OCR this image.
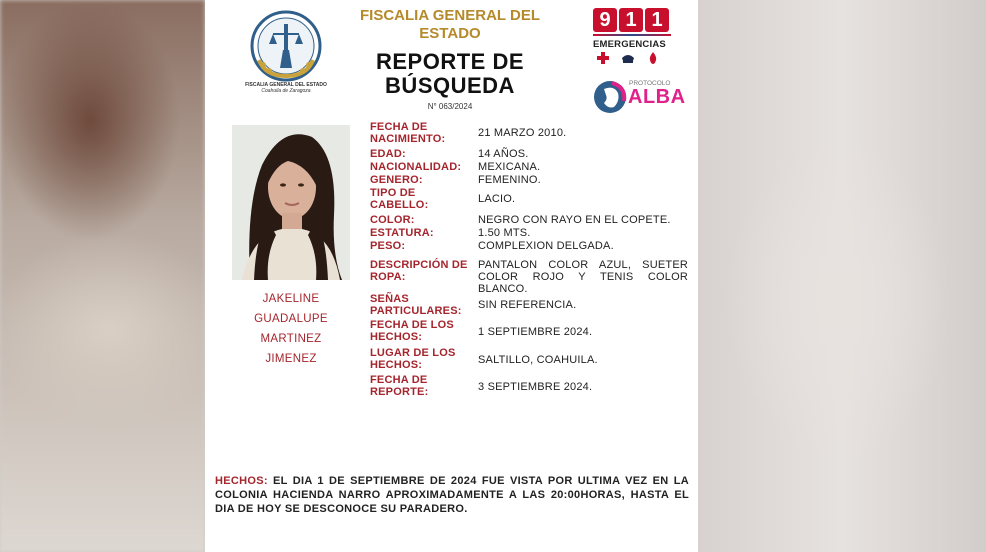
FISCALIA GENERAL DEL ESTADO
Coahuila de Zaragoza
FISCALIA GENERAL DEL
ESTADO
REPORTE DE
BÚSQUEDA
N° 063/2024
9 1 1
EMERGENCIAS
PROTOCOLO
ALBA
JAKELINE
GUADALUPE
MARTINEZ
JIMENEZ
FECHA DE
NACIMIENTO:	21 MARZO 2010.
EDAD:	14 AÑOS.
NACIONALIDAD:	MEXICANA.
GENERO:	FEMENINO.
TIPO DE
CABELLO:	LACIO.
COLOR:	NEGRO CON RAYO EN EL COPETE.
ESTATURA:	1.50 MTS.
PESO:	COMPLEXION DELGADA.
DESCRIPCIÓN DE
ROPA:
PANTALON COLOR AZUL, SUETER
COLOR ROJO Y TENIS COLOR
BLANCO.
SEÑAS
PARTICULARES:	SIN REFERENCIA.
FECHA DE LOS
HECHOS:	1 SEPTIEMBRE 2024.
LUGAR DE LOS
HECHOS:	SALTILLO, COAHUILA.
FECHA DE
REPORTE:	3 SEPTIEMBRE 2024.
HECHOS: EL DIA 1 DE SEPTIEMBRE DE 2024 FUE VISTA POR ULTIMA VEZ EN LA COLONIA HACIENDA NARRO APROXIMADAMENTE A LAS 20:00HORAS, HASTA EL DIA DE HOY SE DESCONOCE SU PARADERO.
